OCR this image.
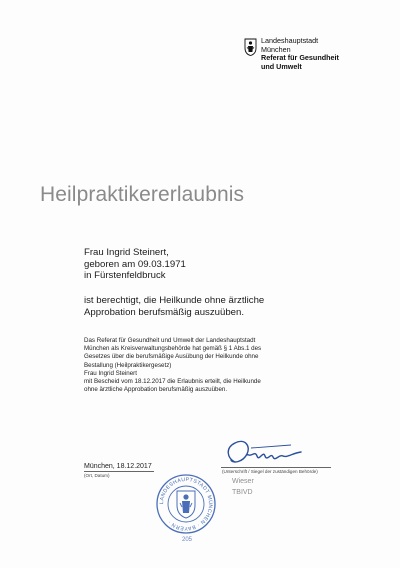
Landeshauptstadt
München
Referat für Gesundheit
und Umwelt
Heilpraktikererlaubnis
Frau Ingrid Steinert,
geboren am 09.03.1971
in Fürstenfeldbruck
ist berechtigt, die Heilkunde ohne ärztliche
Approbation berufsmäßig auszuüben.
Das Referat für Gesundheit und Umwelt der Landeshauptstadt
München als Kreisverwaltungsbehörde hat gemäß § 1 Abs.1 des
Gesetzes über die berufsmäßige Ausübung der Heilkunde ohne
Bestallung (Heilpraktikergesetz)
Frau Ingrid Steinert
mit Bescheid vom 18.12.2017 die Erlaubnis erteilt, die Heilkunde
ohne ärztliche Approbation berufsmäßig auszuüben.
München, 18.12.2017
(Ort, Datum)
(Unterschrift / Siegel der zuständigen Behörde)
Wieser
TBIVD
LANDESHAUPTSTADT MÜNCHEN · BAYERN ·
205
